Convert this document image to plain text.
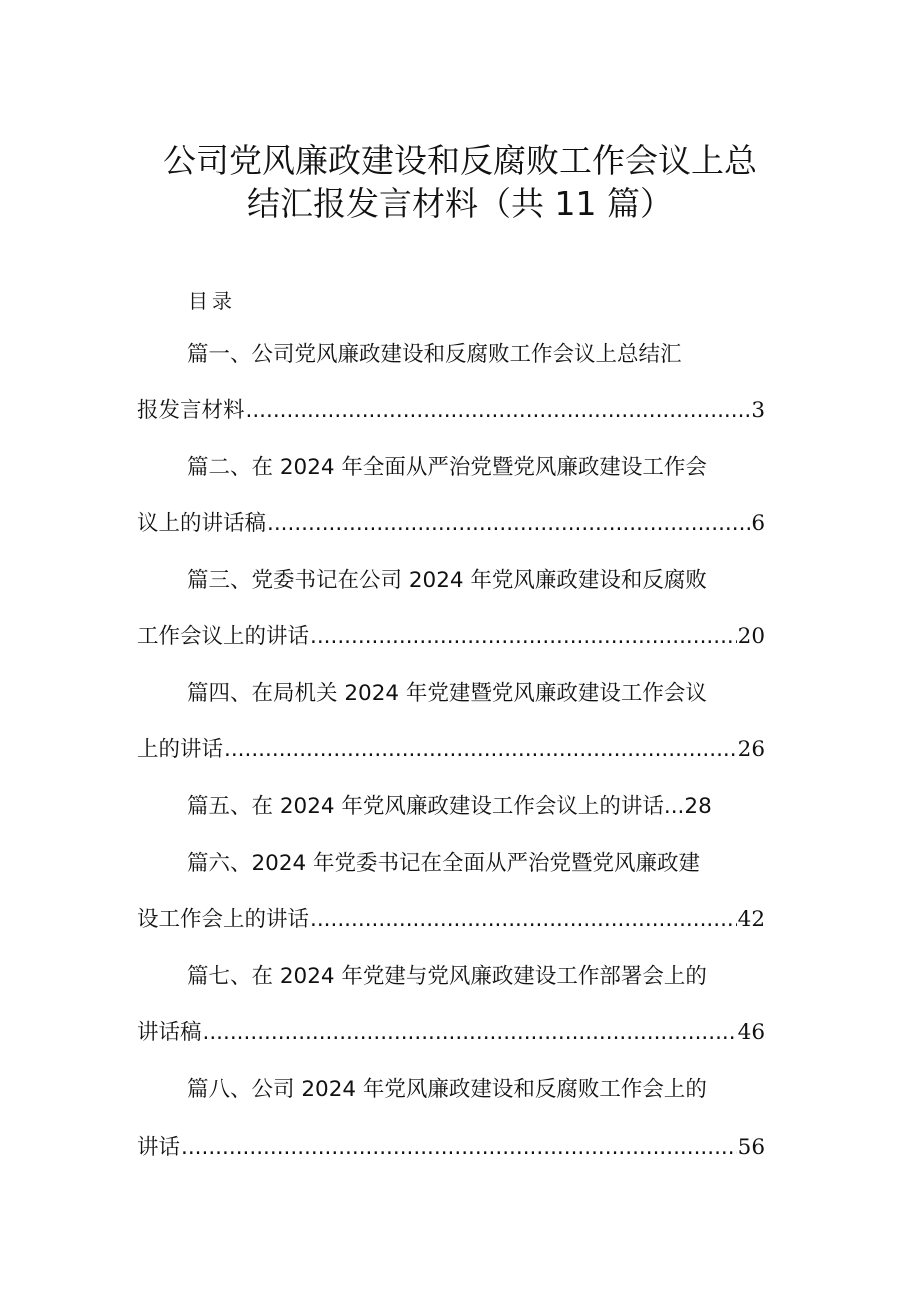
公司党风廉政建设和反腐败工作会议上总
结汇报发言材料（共 11 篇）
目录
篇一、公司党风廉政建设和反腐败工作会议上总结汇
报发言材料 .....	3
篇二、在 2024 年全面从严治党暨党风廉政建设工作会
议上的讲话稿 .....	6
篇三、党委书记在公司 2024 年党风廉政建设和反腐败
工作会议上的讲话 .....	20
篇四、在局机关 2024 年党建暨党风廉政建设工作会议
上的讲话 .....	26
篇五、在 2024 年党风廉政建设工作会议上的讲话...28
篇六、2024 年党委书记在全面从严治党暨党风廉政建
设工作会上的讲话 .....	42
篇七、在 2024 年党建与党风廉政建设工作部署会上的
讲话稿 .....	46
篇八、公司 2024 年党风廉政建设和反腐败工作会上的
讲话 .....	56
